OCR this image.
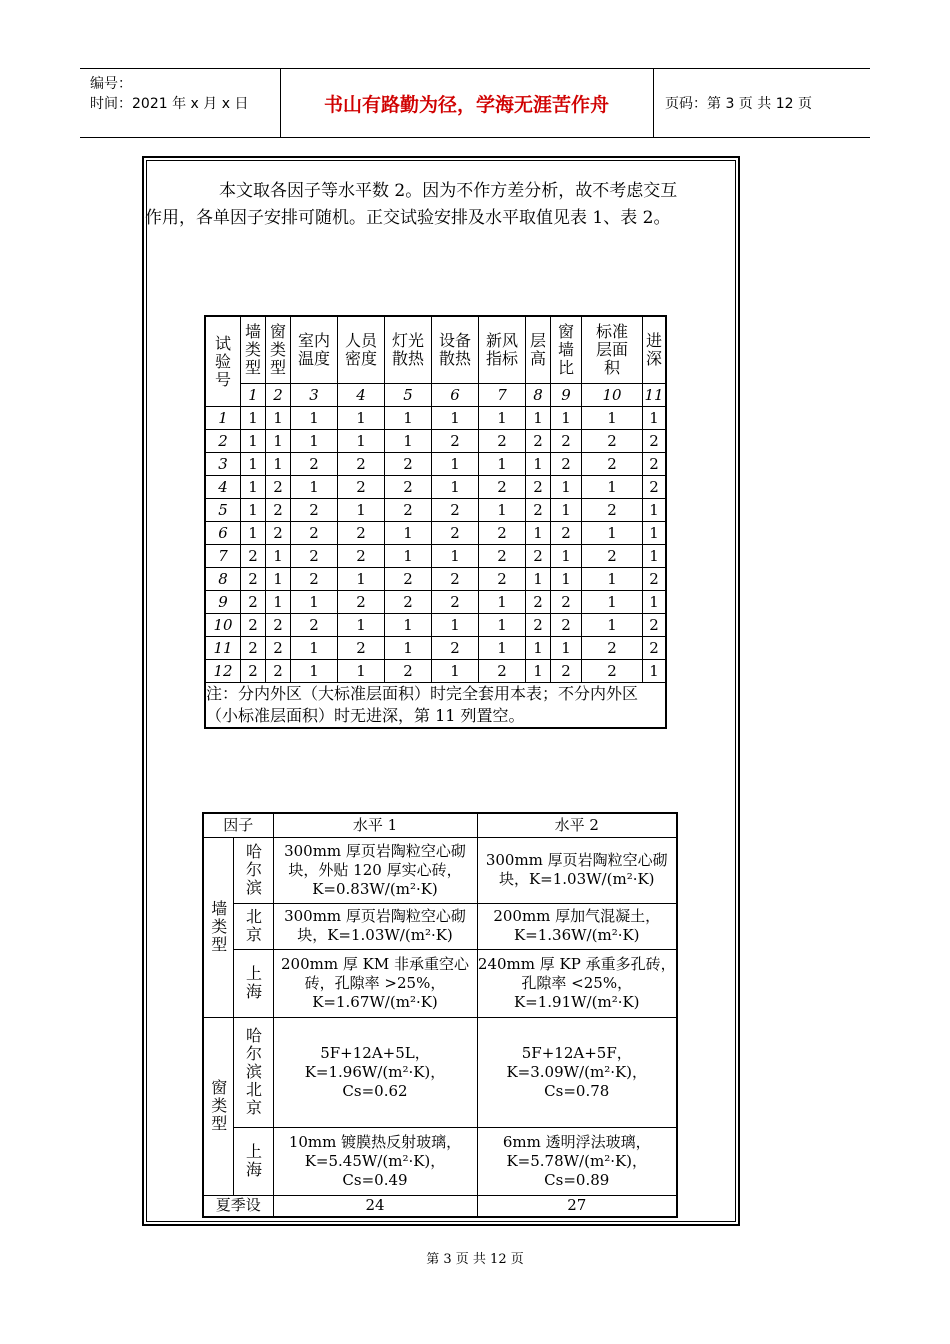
编号：
时间：2021 年 x 月 x 日	书山有路勤为径，学海无涯苦作舟	页码：第 3 页 共 12 页
本文取各因子等水平数 2。因为不作方差分析，故不考虑交互
作用，各单因子安排可随机。正交试验安排及水平取值见表 1、表 2。
试
验
号	墙
类
型	窗
类
型	室内
温度	人员
密度	灯光
散热	设备
散热	新风
指标	层
高	窗
墙
比	标准
层面
积	进
深
	1	2	3	4	5	6	7	8	9	10	11
1	1	1	1	1	1	1	1	1	1	1	1
2	1	1	1	1	1	2	2	2	2	2	2
3	1	1	2	2	2	1	1	1	2	2	2
4	1	2	1	2	2	1	2	2	1	1	2
5	1	2	2	1	2	2	1	2	1	2	1
6	1	2	2	2	1	2	2	1	2	1	1
7	2	1	2	2	1	1	2	2	1	2	1
8	2	1	2	1	2	2	2	1	1	1	2
9	2	1	1	2	2	2	1	2	2	1	1
10	2	2	2	1	1	1	1	2	2	1	2
11	2	2	1	2	1	2	1	1	1	2	2
12	2	2	1	1	2	1	2	1	2	2	1
注：分内外区（大标准层面积）时完全套用本表；不分内外区（小标准层面积）时无进深，第 11 列置空。											
因子		水平 1	水平 2
墙类型	哈尔滨	300mm 厚页岩陶粒空心砌块，外贴 120 厚实心砖，K=0.83W/(m²·K)	300mm 厚页岩陶粒空心砌块，K=1.03W/(m²·K)
	北京	300mm 厚页岩陶粒空心砌块，K=1.03W/(m²·K)	200mm 厚加气混凝土，K=1.36W/(m²·K)
	上海	200mm 厚 KM 非承重空心砖，孔隙率 >25%，K=1.67W/(m²·K)	240mm 厚 KP 承重多孔砖，孔隙率 <25%，K=1.91W/(m²·K)
窗类型	哈尔滨北京	5F+12A+5L，K=1.96W/(m²·K)， Cs=0.62	5F+12A+5F，K=3.09W/(m²·K)， Cs=0.78
	上海	10mm 镀膜热反射玻璃，K=5.45W/(m²·K)，Cs=0.49	6mm 透明浮法玻璃，K=5.78W/(m²·K)，Cs=0.89
夏季设		24	27
第 3 页 共 12 页
